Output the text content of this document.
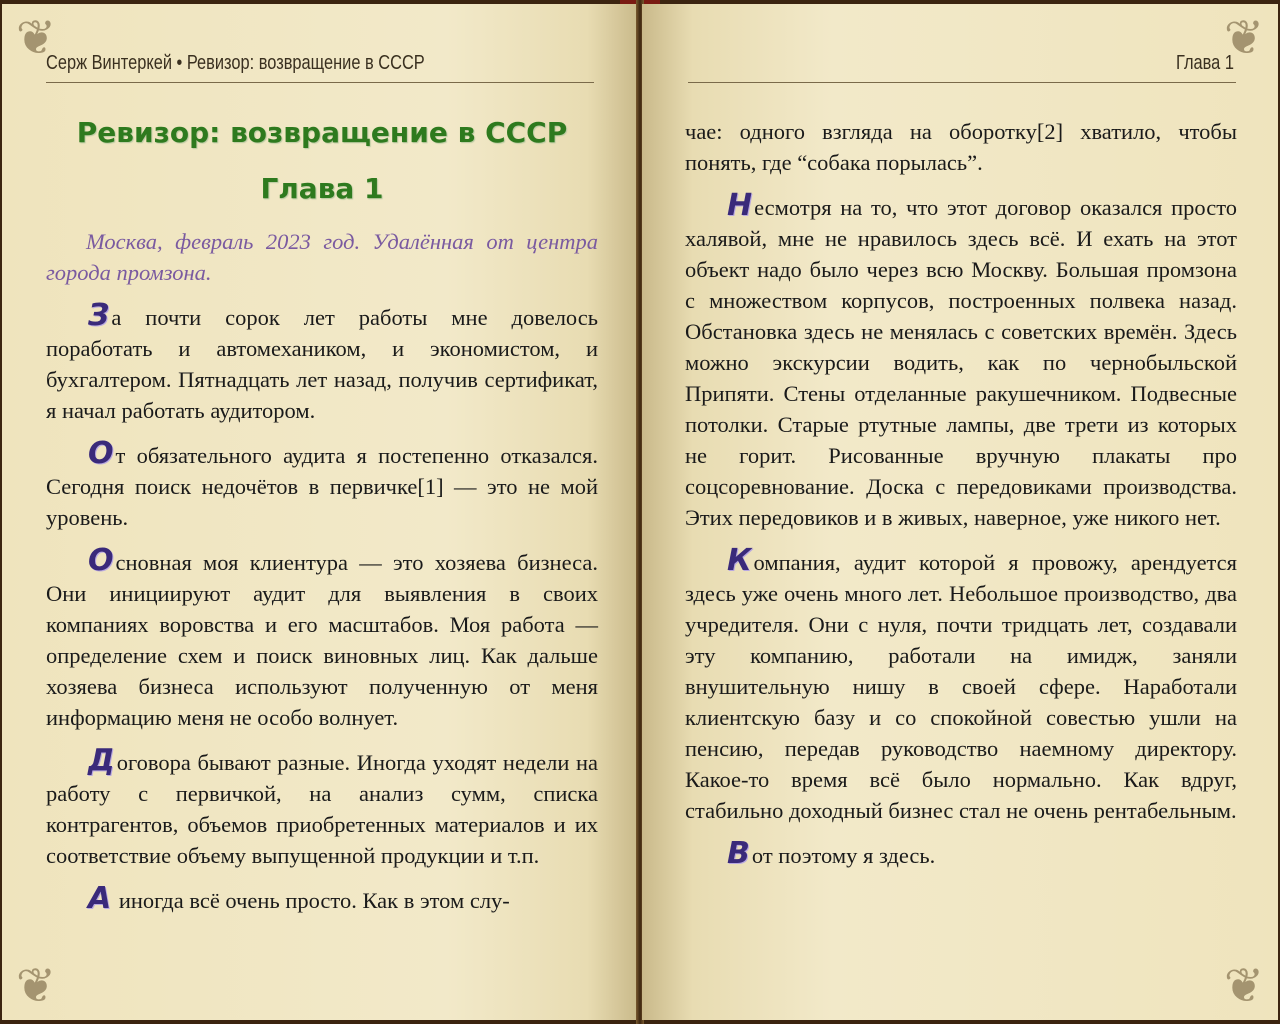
❦
❦
Серж Винтеркей • Ревизор: возвращение в СССР
Ревизор: возвращение в СССР
Глава 1

Москва, февраль 2023 год. Удалённая от центра города промзона.

За почти сорок лет работы мне довелось поработать и автомехаником, и экономистом, и бухгалтером. Пятнадцать лет назад, получив сертификат, я начал работать аудитором.

От обязательного аудита я постепенно отказался. Сегодня поиск недочётов в первичке[1] — это не мой уровень.

Основная моя клиентура — это хозяева бизнеса. Они инициируют аудит для выявления в своих компаниях воровства и его масштабов. Моя работа — определение схем и поиск виновных лиц. Как дальше хозяева бизнеса используют полученную от меня информацию меня не особо волнует.

Договора бывают разные. Иногда уходят недели на работу с первичкой, на анализ сумм, списка контрагентов, объемов приобретенных материалов и их соответствие объему выпущенной продукции и т.п.

А иногда всё очень просто. Как в этом слу-

❦
❦
Глава 1

чае: одного взгляда на оборотку[2] хватило, чтобы понять, где “собака порылась”.

Несмотря на то, что этот договор оказался просто халявой, мне не нравилось здесь всё. И ехать на этот объект надо было через всю Москву. Большая промзона с множеством корпусов, построенных полвека назад. Обстановка здесь не менялась с советских времён. Здесь можно экскурсии водить, как по чернобыльской Припяти. Стены отделанные ракушечником. Подвесные потолки. Старые ртутные лампы, две трети из которых не горит. Рисованные вручную плакаты про соцсоревнование. Доска с передовиками производства. Этих передовиков и в живых, наверное, уже никого нет.

Компания, аудит которой я провожу, арендуется здесь уже очень много лет. Небольшое производство, два учредителя. Они с нуля, почти тридцать лет, создавали эту компанию, работали на имидж, заняли внушительную нишу в своей сфере. Наработали клиентскую базу и со спокойной совестью ушли на пенсию, передав руководство наемному директору. Какое-то время всё было нормально. Как вдруг, стабильно доходный бизнес стал не очень рентабельным.

Вот поэтому я здесь.
